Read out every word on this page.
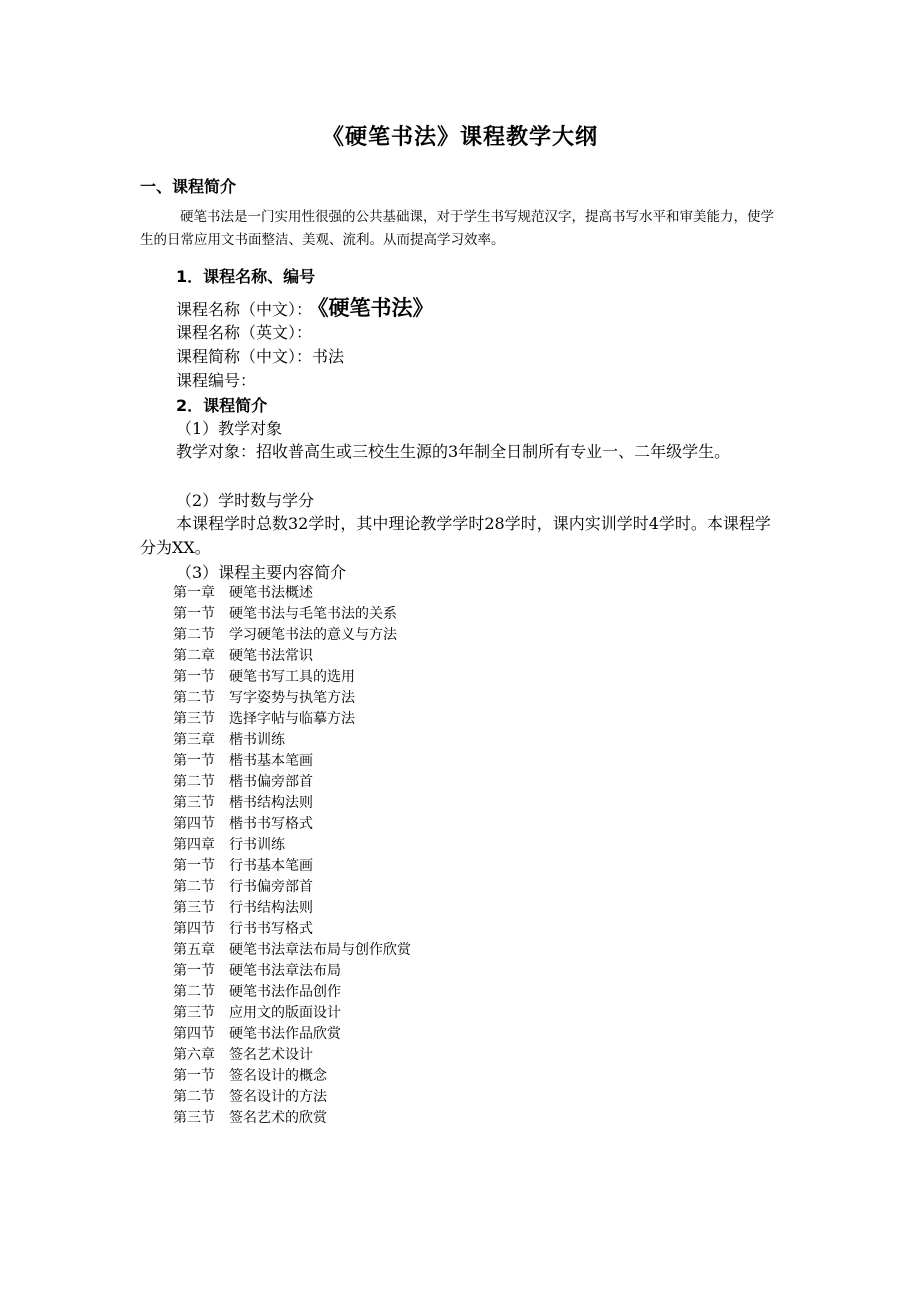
《硬笔书法》课程教学大纲
一、课程简介
硬笔书法是一门实用性很强的公共基础课，对于学生书写规范汉字，提高书写水平和审美能力，使学生的日常应用文书面整洁、美观、流利。从而提高学习效率。
1．课程名称、编号
课程名称（中文）： 《硬笔书法》
课程名称（英文）：
课程简称（中文）：书法
课程编号：
2．课程简介
（1）教学对象
教学对象：招收普高生或三校生生源的3年制全日制所有专业一、二年级学生。
（2）学时数与学分
本课程学时总数32学时，其中理论教学学时28学时，课内实训学时4学时。本课程学分为XX。
（3）课程主要内容简介
第一章 硬笔书法概述
第一节 硬笔书法与毛笔书法的关系
第二节 学习硬笔书法的意义与方法
第二章 硬笔书法常识
第一节 硬笔书写工具的选用
第二节 写字姿势与执笔方法
第三节 选择字帖与临摹方法
第三章 楷书训练
第一节 楷书基本笔画
第二节 楷书偏旁部首
第三节 楷书结构法则
第四节 楷书书写格式
第四章 行书训练
第一节 行书基本笔画
第二节 行书偏旁部首
第三节 行书结构法则
第四节 行书书写格式
第五章 硬笔书法章法布局与创作欣赏
第一节 硬笔书法章法布局
第二节 硬笔书法作品创作
第三节 应用文的版面设计
第四节 硬笔书法作品欣赏
第六章 签名艺术设计
第一节 签名设计的概念
第二节 签名设计的方法
第三节 签名艺术的欣赏
